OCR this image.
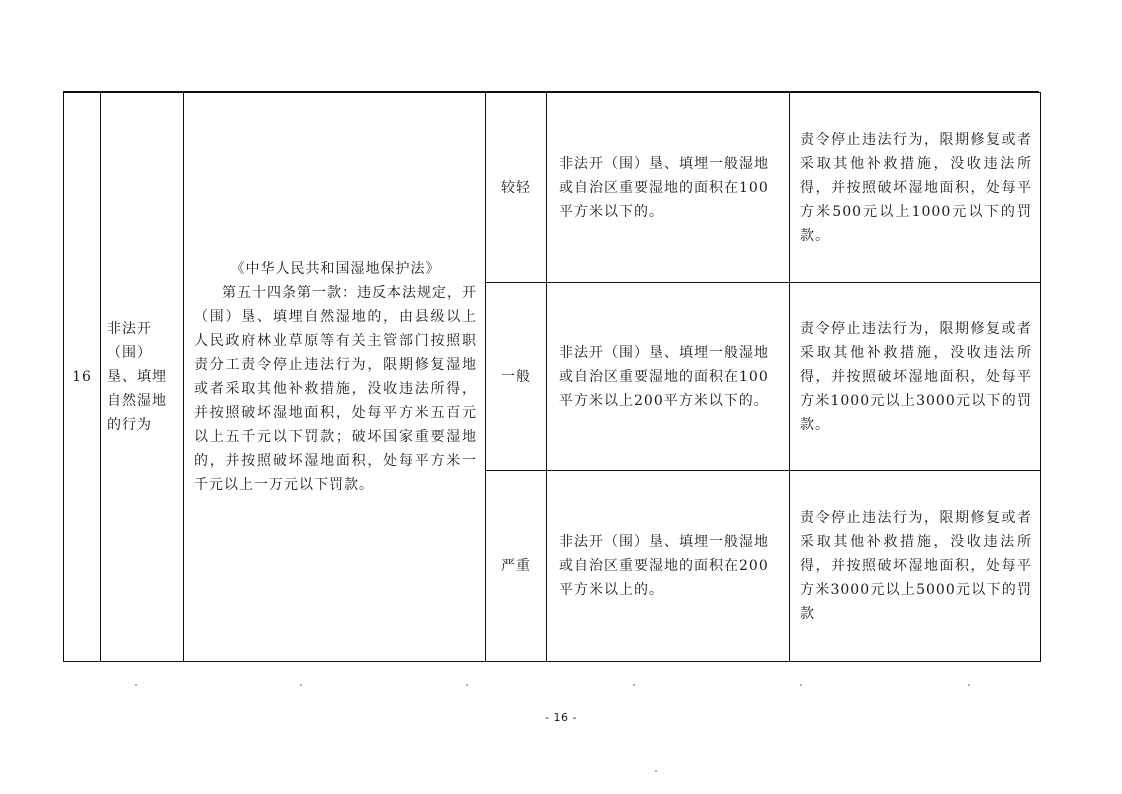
16	非法开（围）垦、填埋自然湿地的行为	《中华人民共和国湿地保护法》
第五十四条第一款：违反本法规定，开（围）垦、填埋自然湿地的，由县级以上人民政府林业草原等有关主管部门按照职责分工责令停止违法行为，限期修复湿地或者采取其他补救措施，没收违法所得，并按照破坏湿地面积，处每平方米五百元以上五千元以下罚款；破坏国家重要湿地的，并按照破坏湿地面积，处每平方米一千元以上一万元以下罚款。	较轻	非法开（围）垦、填埋一般湿地或自治区重要湿地的面积在100平方米以下的。	责令停止违法行为，限期修复或者采取其他补救措施，没收违法所得，并按照破坏湿地面积，处每平方米500元以上1000元以下的罚款。

			一般	非法开（围）垦、填埋一般湿地或自治区重要湿地的面积在100平方米以上200平方米以下的。	责令停止违法行为，限期修复或者采取其他补救措施，没收违法所得，并按照破坏湿地面积，处每平方米1000元以上3000元以下的罚款。

			严重	非法开（围）垦、填埋一般湿地或自治区重要湿地的面积在200平方米以上的。	责令停止违法行为，限期修复或者采取其他补救措施，没收违法所得，并按照破坏湿地面积，处每平方米3000元以上5000元以下的罚款
- 16 -
